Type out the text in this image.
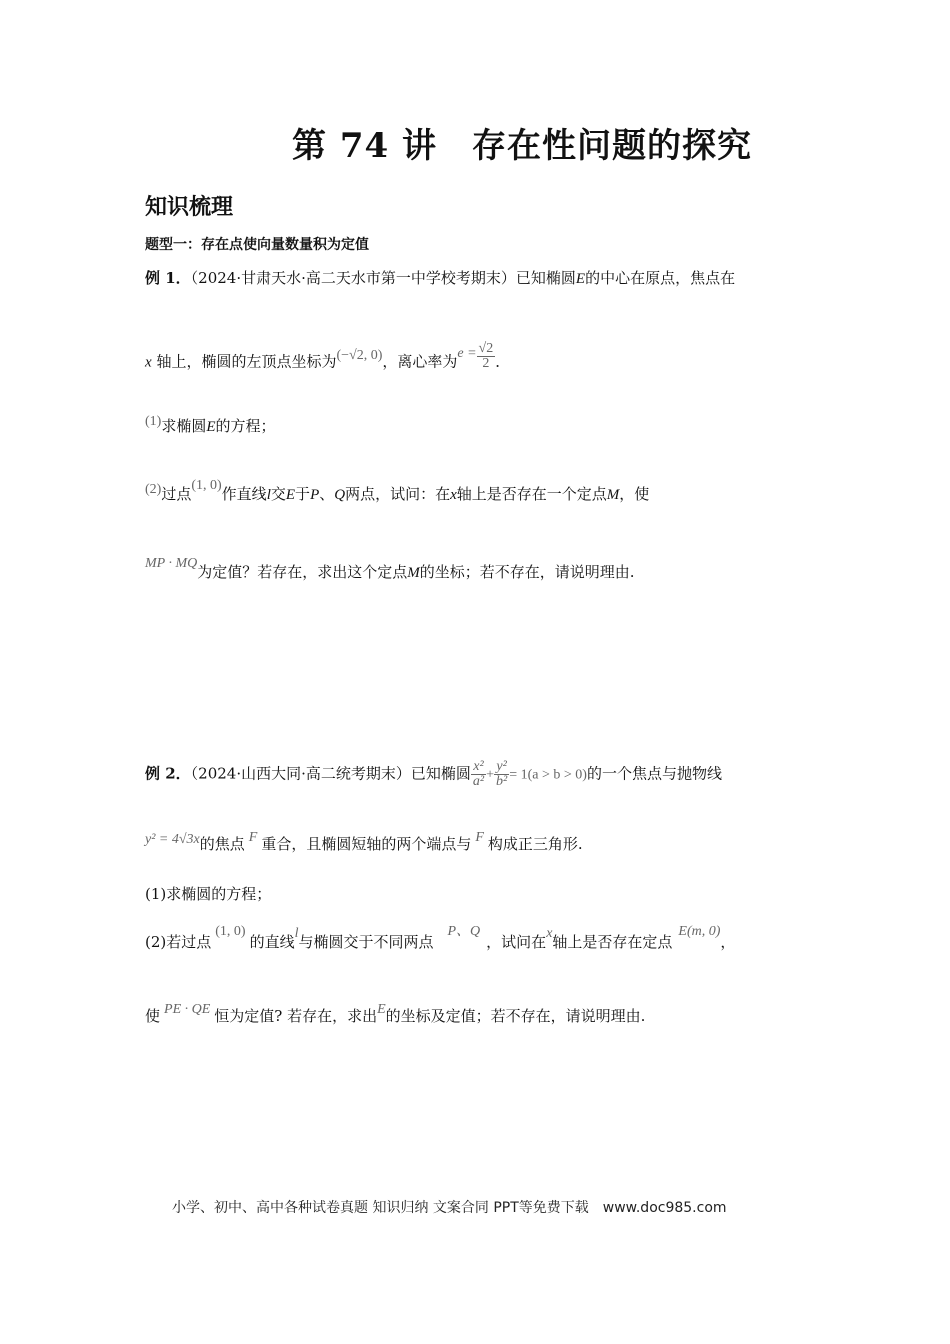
第 74 讲　存在性问题的探究
知识梳理
题型一：存在点使向量数量积为定值
例 1．（2024·甘肃天水·高二天水市第一中学校考期末）已知椭圆E的中心在原点，焦点在
x 轴上，椭圆的左顶点坐标为(−√2, 0)，离心率为$e = \frac{√2}{2}$ ．
(1)求椭圆E的方程；
(2)过点(1, 0)作直线l交E于P、Q两点，试问：在x轴上是否存在一个定点M，使
MP · MQ为定值？若存在，求出这个定点M的坐标；若不存在，请说明理由.
例 2．（2024·山西大同·高二统考期末）已知椭圆 $\frac{\text{x²}}{\text{a²}} + \frac{\text{y²}}{\text{b²}} = 1(a > b > 0)$的一个焦点与抛物线
y² = 4√3x的焦点 F 重合，且椭圆短轴的两个端点与 F 构成正三角形.
(1)求椭圆的方程；
(2)若过点(1, 0)的直线l与椭圆交于不同两点P、Q，试问在x轴上是否存在定点E(m, 0)，
使 PE · QE 恒为定值? 若存在，求出E的坐标及定值；若不存在，请说明理由.
小学、初中、高中各种试卷真题 知识归纳 文案合同 PPT等免费下载　www.doc985.com
